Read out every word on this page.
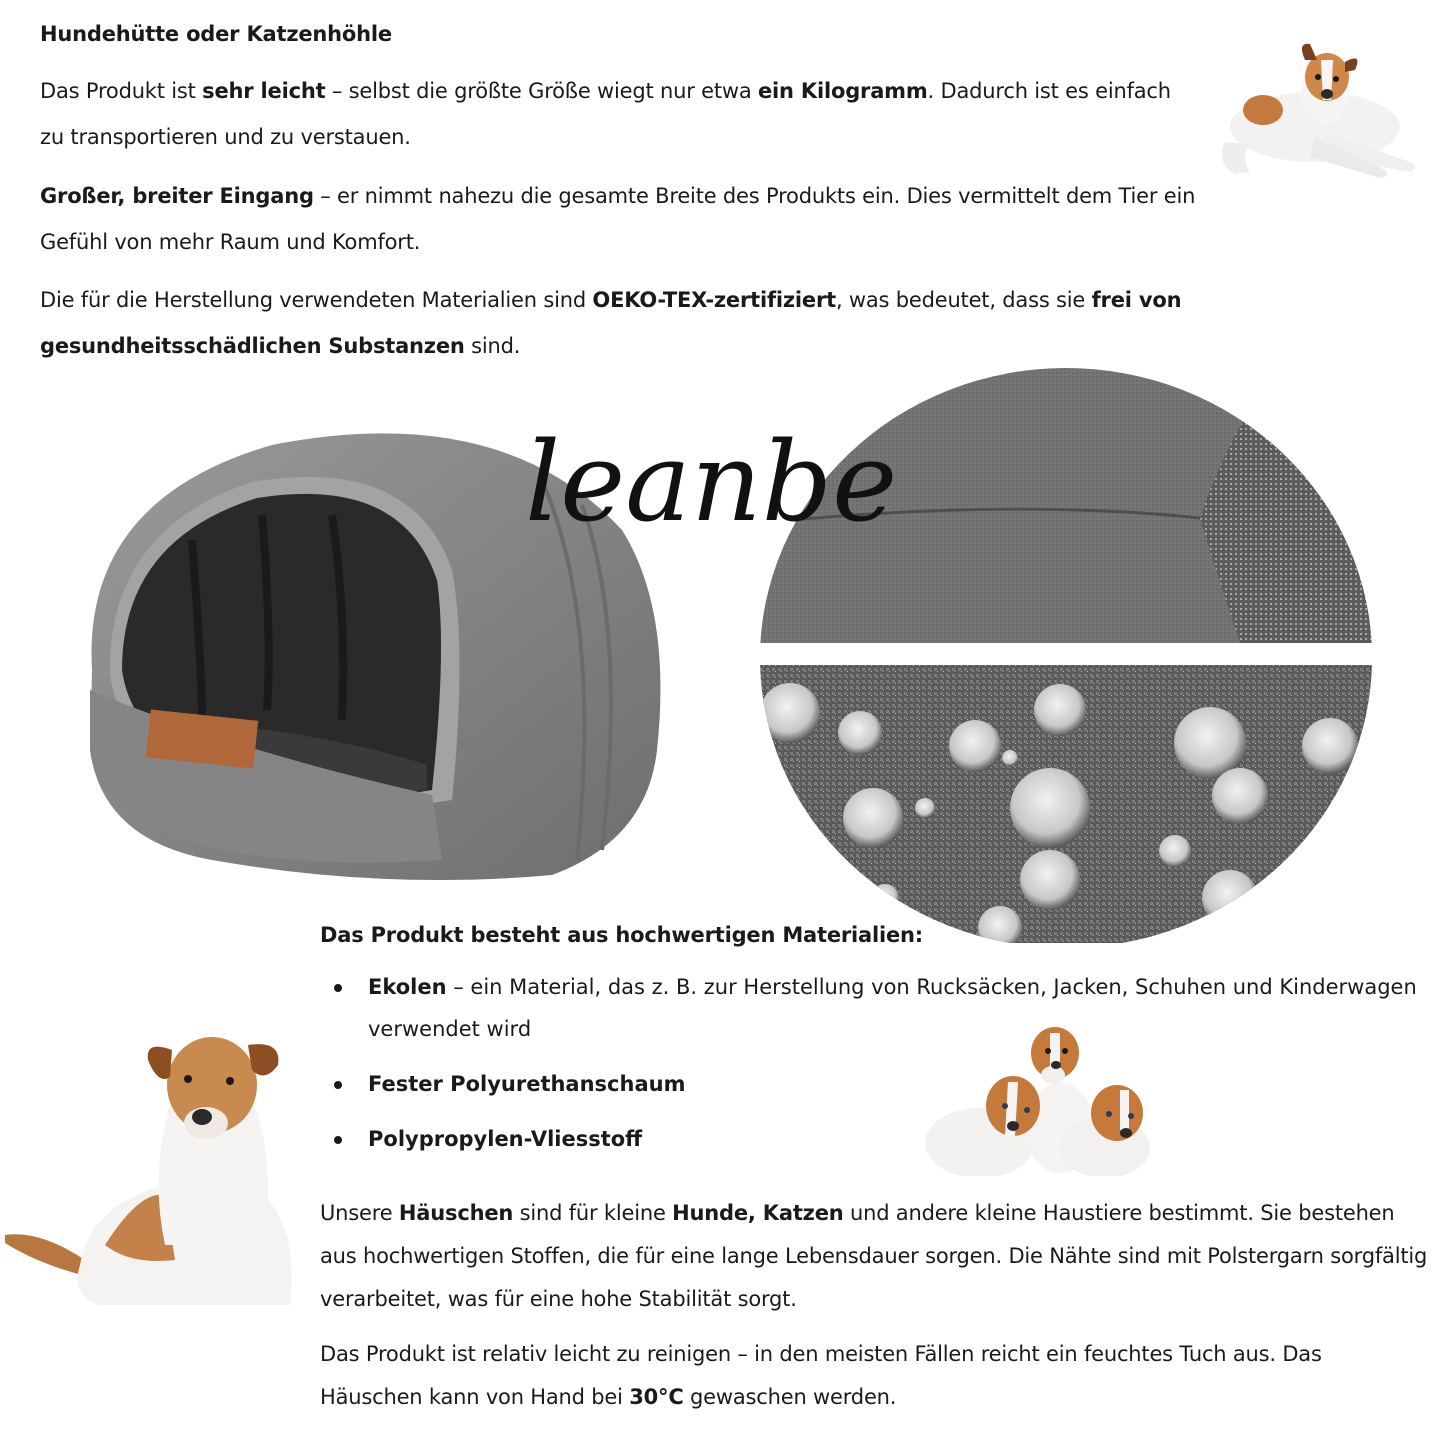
Hundehütte oder Katzenhöhle
Das Produkt ist sehr leicht – selbst die größte Größe wiegt nur etwa ein Kilogramm. Dadurch ist es einfach zu transportieren und zu verstauen.
Großer, breiter Eingang – er nimmt nahezu die gesamte Breite des Produkts ein. Dies vermittelt dem Tier ein Gefühl von mehr Raum und Komfort.
Die für die Herstellung verwendeten Materialien sind OEKO-TEX-zertifiziert, was bedeutet, dass sie frei von gesundheitsschädlichen Substanzen sind.
leanbe
Das Produkt besteht aus hochwertigen Materialien:
Ekolen – ein Material, das z. B. zur Herstellung von Rucksäcken, Jacken, Schuhen und Kinderwagen verwendet wird
Fester Polyurethanschaum
Polypropylen-Vliesstoff
Unsere Häuschen sind für kleine Hunde, Katzen und andere kleine Haustiere bestimmt. Sie bestehen aus hochwertigen Stoffen, die für eine lange Lebensdauer sorgen. Die Nähte sind mit Polstergarn sorgfältig verarbeitet, was für eine hohe Stabilität sorgt.
Das Produkt ist relativ leicht zu reinigen – in den meisten Fällen reicht ein feuchtes Tuch aus. Das Häuschen kann von Hand bei 30°C gewaschen werden.
